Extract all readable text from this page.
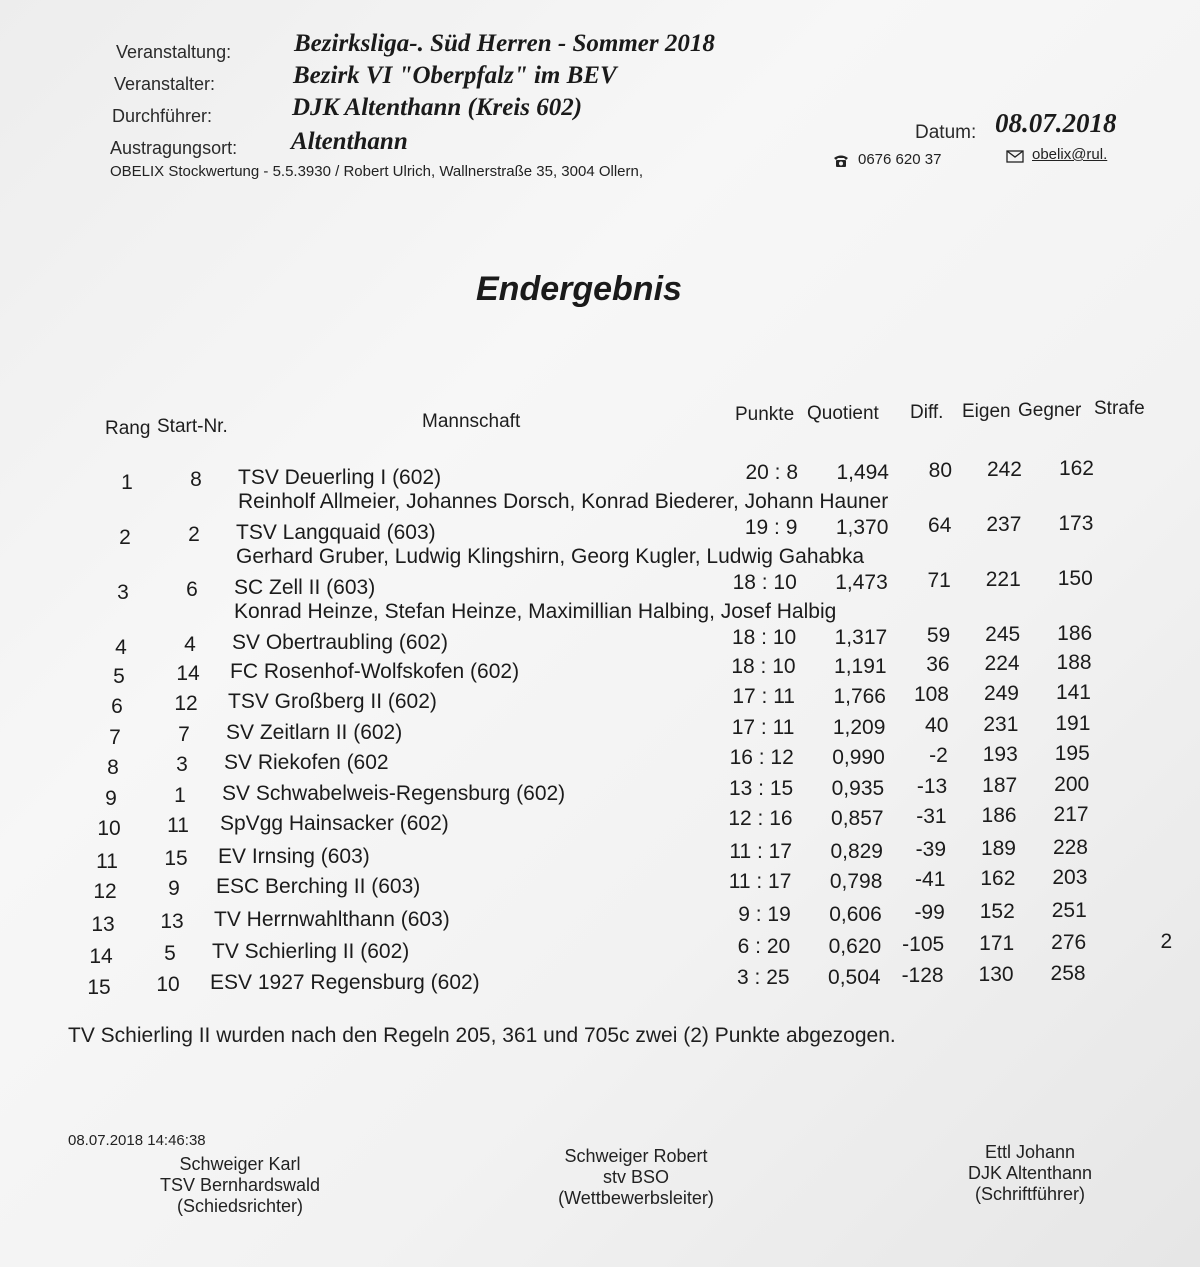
Veranstaltung:	Bezirksliga-. Süd Herren - Sommer 2018
Veranstalter:	Bezirk VI "Oberpfalz" im BEV
Durchführer:	DJK Altenthann (Kreis 602)
Austragungsort: Altenthann
OBELIX Stockwertung - 5.5.3930 / Robert Ulrich, Wallnerstraße 35, 3004 Ollern,
Datum: 08.07.2018
0676 620 37	obelix@rul.
Endergebnis
Rang Start-Nr.	Mannschaft	Punkte Quotient Diff. Eigen Gegner Strafe
1	8	TSV Deuerling I (602)	20 : 8	1,494	80	242	162
Reinholf Allmeier, Johannes Dorsch, Konrad Biederer, Johann Hauner
2	2	TSV Langquaid (603)	19 : 9	1,370	64	237	173
Gerhard Gruber, Ludwig Klingshirn, Georg Kugler, Ludwig Gahabka
3	6	SC Zell II (603)	18 : 10	1,473	71	221	150
Konrad Heinze, Stefan Heinze, Maximillian Halbing, Josef Halbig
4	4	SV Obertraubling (602)	18 : 10	1,317	59	245	186
5	14	FC Rosenhof-Wolfskofen (602)	18 : 10	1,191	36	224	188
6	12	TSV Großberg II (602)	17 : 11	1,766	108	249	141
7	7	SV Zeitlarn II (602)	17 : 11	1,209	40	231	191
8	3	SV Riekofen (602	16 : 12	0,990	-2	193	195
9	1	SV Schwabelweis-Regensburg (602)	13 : 15	0,935	-13	187	200
10	11	SpVgg Hainsacker (602)	12 : 16	0,857	-31	186	217
11	15	EV Irnsing (603)	11 : 17	0,829	-39	189	228
12	9	ESC Berching II (603)	11 : 17	0,798	-41	162	203
13	13	TV Herrnwahlthann (603)	9 : 19	0,606	-99	152	251
14	5	TV Schierling II (602)	6 : 20	0,620 -105	171	276	2
15	10	ESV 1927 Regensburg (602)	3 : 25	0,504 -128	130	258
TV Schierling II wurden nach den Regeln 205, 361 und 705c zwei (2) Punkte abgezogen.
08.07.2018 14:46:38
Schweiger Karl
TSV Bernhardswald
(Schiedsrichter)
Schweiger Robert
stv BSO
(Wettbewerbsleiter)
Ettl Johann
DJK Altenthann
(Schriftführer)
